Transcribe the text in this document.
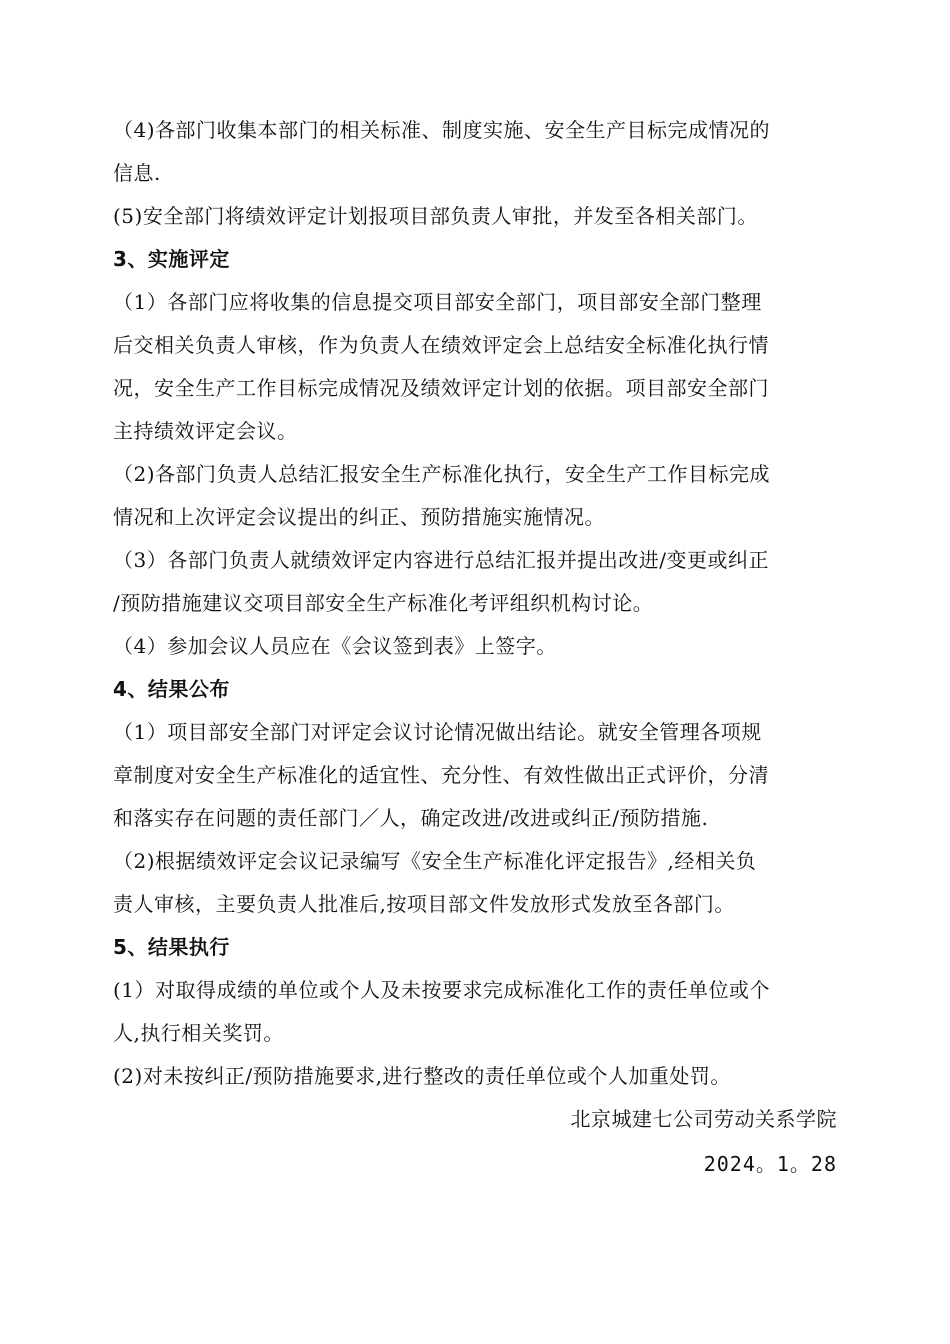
（4)各部门收集本部门的相关标准、制度实施、安全生产目标完成情况的
信息.
(5)安全部门将绩效评定计划报项目部负责人审批，并发至各相关部门。
3、实施评定
（1）各部门应将收集的信息提交项目部安全部门，项目部安全部门整理
后交相关负责人审核，作为负责人在绩效评定会上总结安全标准化执行情
况，安全生产工作目标完成情况及绩效评定计划的依据。项目部安全部门
主持绩效评定会议。
（2)各部门负责人总结汇报安全生产标准化执行，安全生产工作目标完成
情况和上次评定会议提出的纠正、预防措施实施情况。
（3）各部门负责人就绩效评定内容进行总结汇报并提出改进/变更或纠正
/预防措施建议交项目部安全生产标准化考评组织机构讨论。
（4）参加会议人员应在《会议签到表》上签字。
4、结果公布
（1）项目部安全部门对评定会议讨论情况做出结论。就安全管理各项规
章制度对安全生产标准化的适宜性、充分性、有效性做出正式评价，分清
和落实存在问题的责任部门／人，确定改进/改进或纠正/预防措施.
（2)根据绩效评定会议记录编写《安全生产标准化评定报告》,经相关负
责人审核，主要负责人批准后,按项目部文件发放形式发放至各部门。
5、结果执行
(1）对取得成绩的单位或个人及未按要求完成标准化工作的责任单位或个
人,执行相关奖罚。
(2)对未按纠正/预防措施要求,进行整改的责任单位或个人加重处罚。
北京城建七公司劳动关系学院
2024。1。28
